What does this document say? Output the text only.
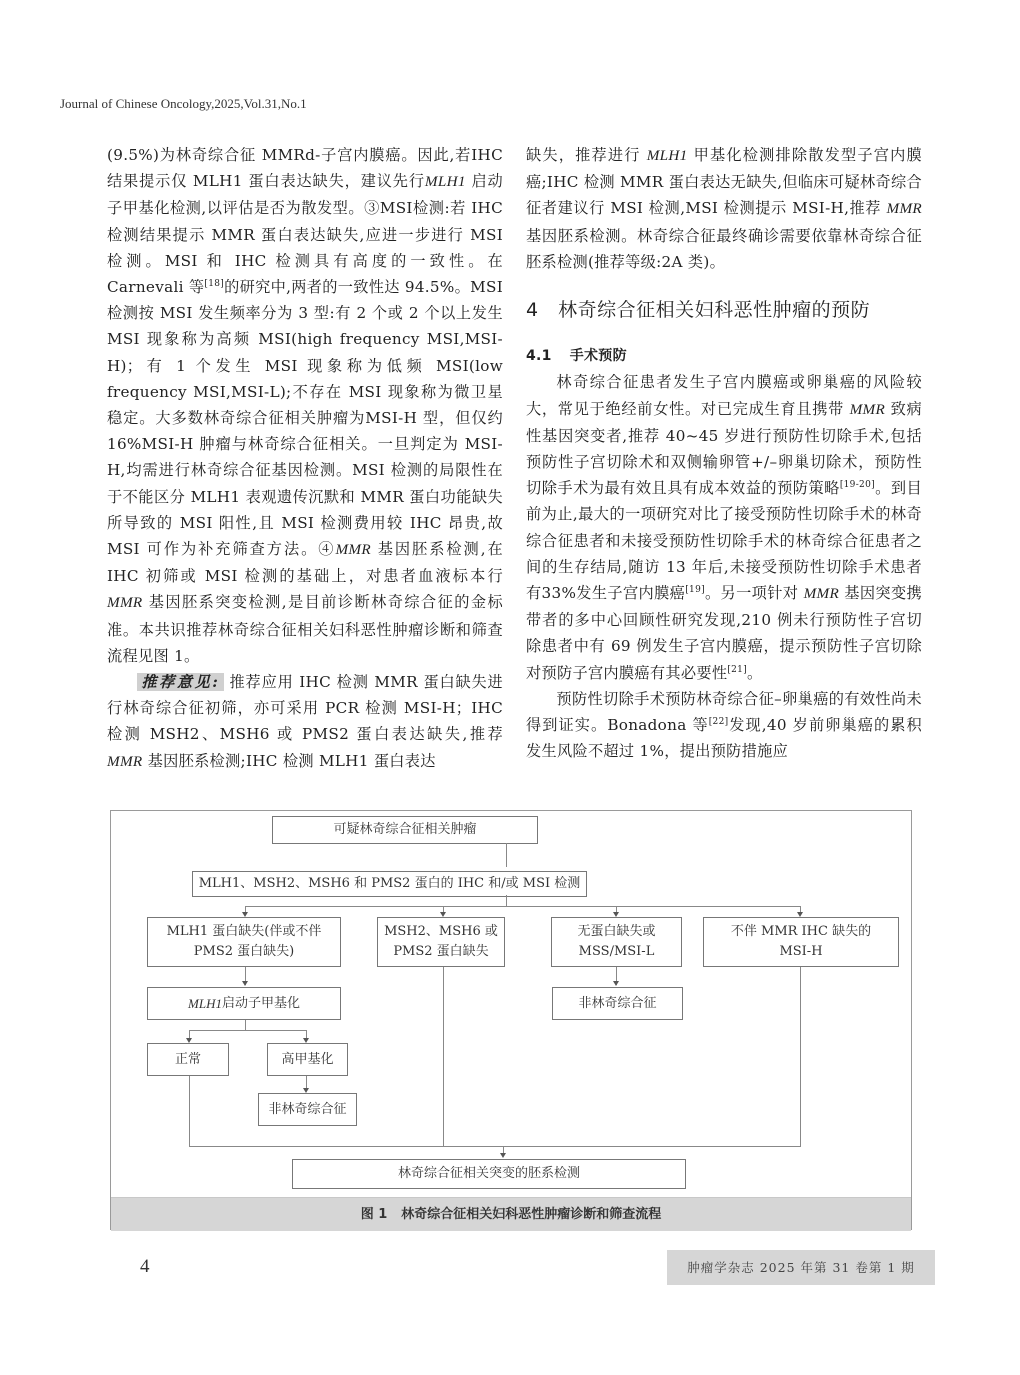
Journal of Chinese Oncology,2025,Vol.31,No.1

(9.5%)为林奇综合征 MMRd-子宫内膜癌。因此,若IHC 结果提示仅 MLH1 蛋白表达缺失，建议先行MLH1 启动子甲基化检测,以评估是否为散发型。③MSI检测:若 IHC 检测结果提示 MMR 蛋白表达缺失,应进一步进行 MSI 检测。MSI 和 IHC 检测具有高度的一致性。在 Carnevali 等[18]的研究中,两者的一致性达 94.5%。MSI 检测按 MSI 发生频率分为 3 型:有 2 个或 2 个以上发生 MSI 现象称为高频 MSI(high frequency MSI,MSI-H)；有 1 个发生 MSI 现象称为低频 MSI(low frequency MSI,MSI-L);不存在 MSI 现象称为微卫星稳定。大多数林奇综合征相关肿瘤为MSI-H 型，但仅约 16%MSI-H 肿瘤与林奇综合征相关。一旦判定为 MSI-H,均需进行林奇综合征基因检测。MSI 检测的局限性在于不能区分 MLH1 表观遗传沉默和 MMR 蛋白功能缺失所导致的 MSI 阳性,且 MSI 检测费用较 IHC 昂贵,故 MSI 可作为补充筛查方法。④MMR 基因胚系检测,在 IHC 初筛或 MSI 检测的基础上，对患者血液标本行 MMR 基因胚系突变检测,是目前诊断林奇综合征的金标准。本共识推荐林奇综合征相关妇科恶性肿瘤诊断和筛查流程见图 1。

推荐意见: 推荐应用 IHC 检测 MMR 蛋白缺失进行林奇综合征初筛，亦可采用 PCR 检测 MSI-H；IHC 检测 MSH2、MSH6 或 PMS2 蛋白表达缺失,推荐 MMR 基因胚系检测;IHC 检测 MLH1 蛋白表达

缺失，推荐进行 MLH1 甲基化检测排除散发型子宫内膜癌;IHC 检测 MMR 蛋白表达无缺失,但临床可疑林奇综合征者建议行 MSI 检测,MSI 检测提示 MSI-H,推荐 MMR 基因胚系检测。林奇综合征最终确诊需要依靠林奇综合征胚系检测(推荐等级:2A 类)。

4　林奇综合征相关妇科恶性肿瘤的预防

4.1 手术预防

林奇综合征患者发生子宫内膜癌或卵巢癌的风险较大，常见于绝经前女性。对已完成生育且携带 MMR 致病性基因突变者,推荐 40~45 岁进行预防性切除手术,包括预防性子宫切除术和双侧输卵管+/–卵巢切除术，预防性切除手术为最有效且具有成本效益的预防策略[19-20]。到目前为止,最大的一项研究对比了接受预防性切除手术的林奇综合征患者和未接受预防性切除手术的林奇综合征患者之间的生存结局,随访 13 年后,未接受预防性切除手术患者有33%发生子宫内膜癌[19]。另一项针对 MMR 基因突变携带者的多中心回顾性研究发现,210 例未行预防性子宫切除患者中有 69 例发生子宫内膜癌，提示预防性子宫切除对预防子宫内膜癌有其必要性[21]。

预防性切除手术预防林奇综合征–卵巢癌的有效性尚未得到证实。Bonadona 等[22]发现,40 岁前卵巢癌的累积发生风险不超过 1%，提出预防措施应

可疑林奇综合征相关肿瘤
MLH1、MSH2、MSH6 和 PMS2 蛋白的 IHC 和/或 MSI 检测
MLH1 蛋白缺失(伴或不伴
PMS2 蛋白缺失)
MSH2、MSH6 或
PMS2 蛋白缺失
无蛋白缺失或
MSS/MSI-L
不伴 MMR IHC 缺失的
MSI-H
MLH1 启动子甲基化	非林奇综合征
正常	高甲基化
非林奇综合征
林奇综合征相关突变的胚系检测
图 1 林奇综合征相关妇科恶性肿瘤诊断和筛查流程
4	肿瘤学杂志 2025 年第 31 卷第 1 期
